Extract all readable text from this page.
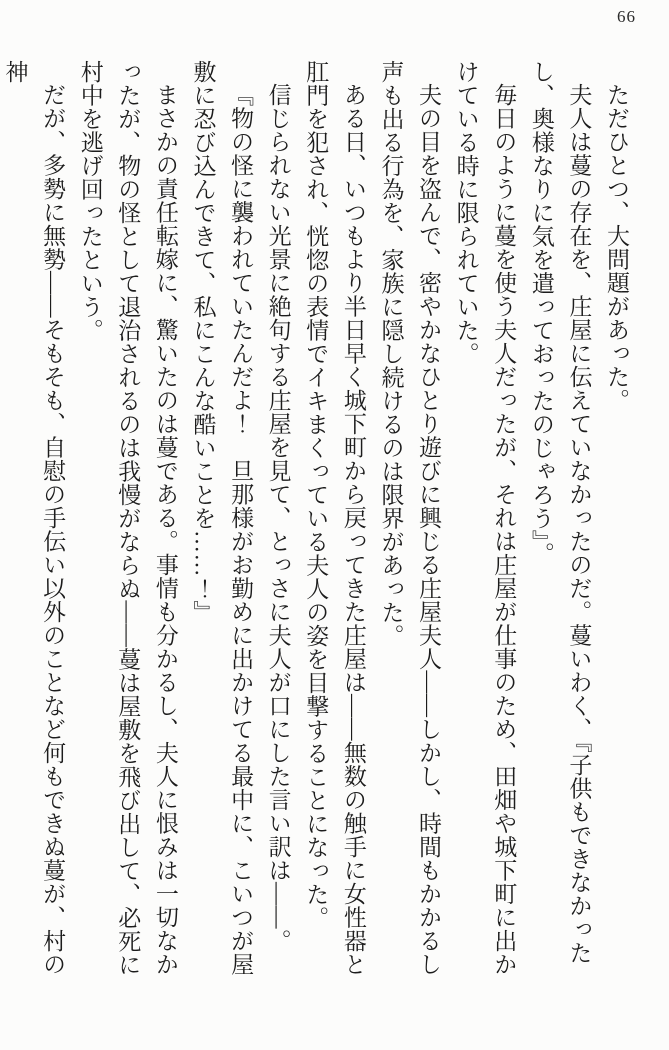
66

ただひとつ、大問題があった。

夫人は蔓の存在を、庄屋に伝えていなかったのだ。蔓いわく、『子供もできなかったし、奥様なりに気を遣っておったのじゃろう』。

毎日のように蔓を使う夫人だったが、それは庄屋が仕事のため、田畑や城下町に出かけている時に限られていた。

夫の目を盗んで、密やかなひとり遊びに興じる庄屋夫人――しかし、時間もかかるし声も出る行為を、家族に隠し続けるのは限界があった。

ある日、いつもより半日早く城下町から戻ってきた庄屋は――無数の触手に女性器と肛門を犯され、恍惚の表情でイキまくっている夫人の姿を目撃することになった。

信じられない光景に絶句する庄屋を見て、とっさに夫人が口にした言い訳は――。

『物の怪に襲われていたんだよ！　旦那様がお勤めに出かけてる最中に、こいつが屋敷に忍び込んできて、私にこんな酷いことを……！』

まさかの責任転嫁に、驚いたのは蔓である。事情も分かるし、夫人に恨みは一切なかったが、物の怪として退治されるのは我慢がならぬ――蔓は屋敷を飛び出して、必死に村中を逃げ回ったという。

だが、多勢に無勢――そもそも、自慰の手伝い以外のことなど何もできぬ蔓が、村の神
